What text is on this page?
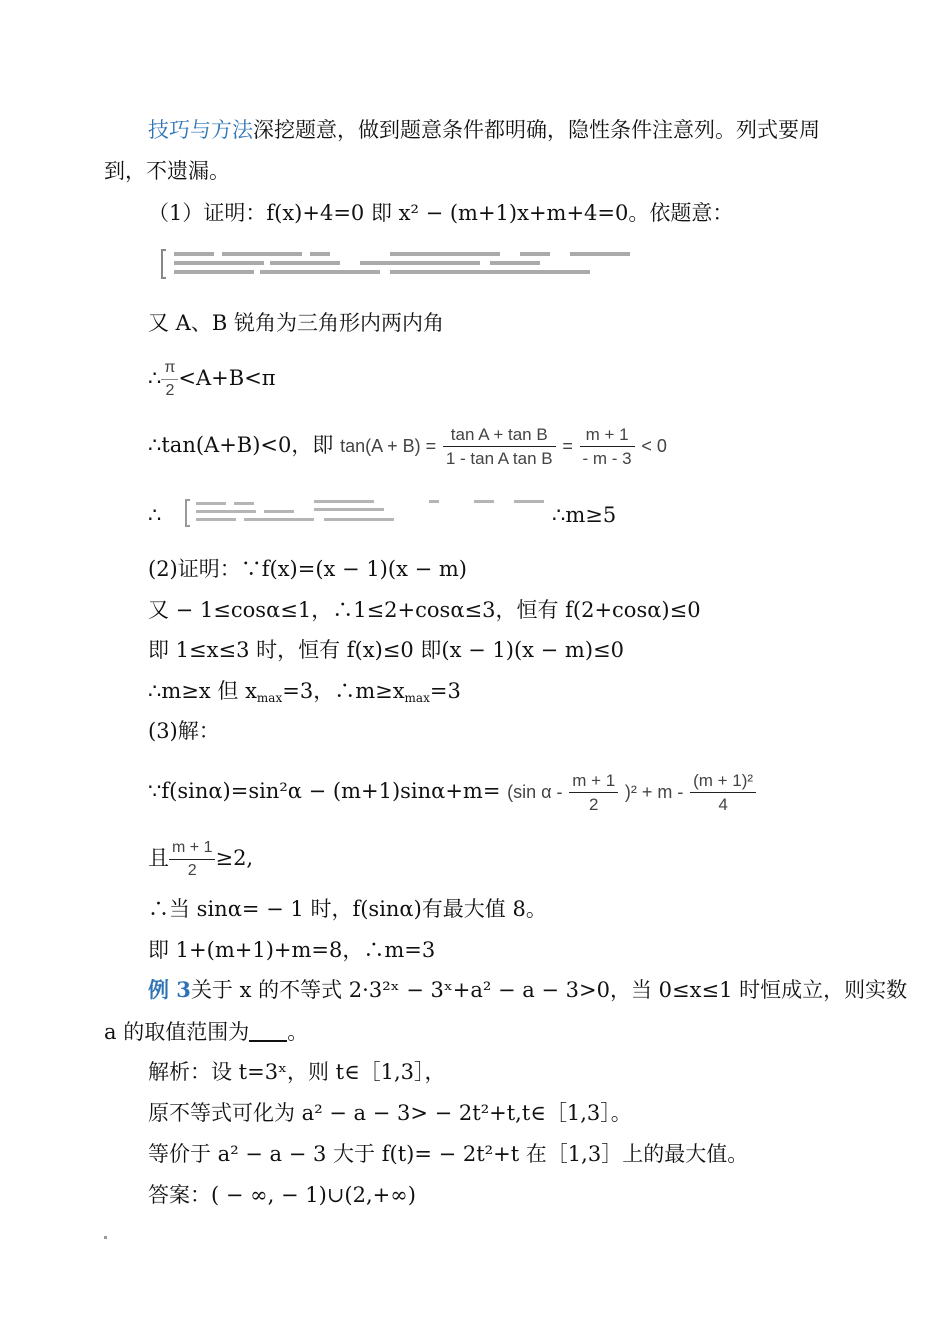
技巧与方法深挖题意，做到题意条件都明确，隐性条件注意列。列式要周
到，不遗漏。
（1）证明：f(x)+4=0 即 x² − (m+1)x+m+4=0。依题意：
又 A、B 锐角为三角形内两内角
∴ $\frac{\pi}{2} <A+B<\pi$
∴tan(A+B)<0，即 $\tan(A + B) = \frac{\text{tan A + tan B}}{\text{1 - tan A tan B}} = \frac{m + 1}{- m - 3} < 0$
∴	∴m≥5
(2)证明：∵f(x)=(x − 1)(x − m)
又 − 1≤cosα≤1，∴1≤2+cosα≤3，恒有 f(2+cosα)≤0
即 1≤x≤3 时，恒有 f(x)≤0 即(x − 1)(x − m)≤0
∴m≥x 但 $x_{max}=3$，$\therefore m\ge x_{max}=3$
(3)解：
∵f(sinα)=sin²α − (m+1)sinα+m= (sin $\alpha - \frac{m + 1}{2} )^2 + m - \frac{\text{(m + 1)²}}{4}$
且 $\frac{m + 1}{2} \ge 2$,
∴当 sinα= − 1 时，f(sinα)有最大值 8。
即 1+(m+1)+m=8，∴m=3
例 3关于 x 的不等式 2·3²ˣ − 3ˣ+a² − a − 3>0，当 0≤x≤1 时恒成立，则实数
a 的取值范围为 。
解析：设 t=3ˣ，则 t∈［1,3］，
原不等式可化为 a² − a − 3> − 2t²+t,t∈［1,3］。
等价于 a² − a − 3 大于 f(t)= − 2t²+t 在［1,3］上的最大值。
答案：( − ∞, − 1)∪(2,+∞)
